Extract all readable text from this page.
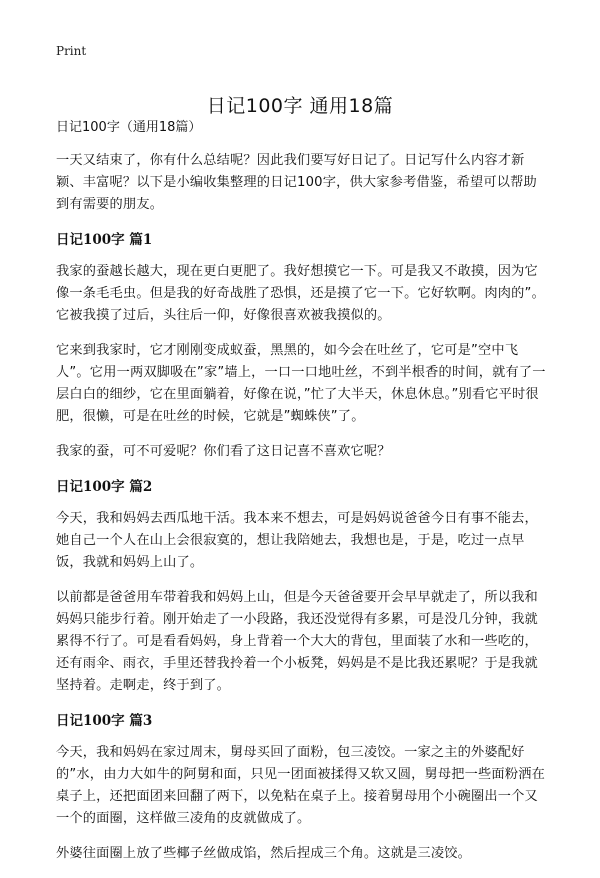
Print
日记100字 通用18篇
日记100字（通用18篇）
一天又结束了，你有什么总结呢？因此我们要写好日记了。日记写什么内容才新颖、丰富呢？以下是小编收集整理的日记100字，供大家参考借鉴，希望可以帮助到有需要的朋友。
日记100字 篇1
我家的蚕越长越大，现在更白更肥了。我好想摸它一下。可是我又不敢摸，因为它像一条毛毛虫。但是我的好奇战胜了恐惧，还是摸了它一下。它好软啊。肉肉的”。它被我摸了过后，头往后一仰，好像很喜欢被我摸似的。
它来到我家时，它才刚刚变成蚁蚕，黑黑的，如今会在吐丝了，它可是”空中飞人”。它用一两双脚吸在”家”墙上，一口一口地吐丝，不到半根香的时间，就有了一层白白的细纱，它在里面躺着，好像在说，”忙了大半天，休息休息。”别看它平时很肥，很懒，可是在吐丝的时候，它就是”蜘蛛侠”了。
我家的蚕，可不可爱呢？你们看了这日记喜不喜欢它呢？
日记100字 篇2
今天，我和妈妈去西瓜地干活。我本来不想去，可是妈妈说爸爸今日有事不能去，她自己一个人在山上会很寂寞的，想让我陪她去，我想也是，于是，吃过一点早饭，我就和妈妈上山了。
以前都是爸爸用车带着我和妈妈上山，但是今天爸爸要开会早早就走了，所以我和妈妈只能步行着。刚开始走了一小段路，我还没觉得有多累，可是没几分钟，我就累得不行了。可是看看妈妈，身上背着一个大大的背包，里面装了水和一些吃的，还有雨伞、雨衣，手里还替我拎着一个小板凳，妈妈是不是比我还累呢？于是我就坚持着。走啊走，终于到了。
日记100字 篇3
今天，我和妈妈在家过周末，舅母买回了面粉，包三凌饺。一家之主的外婆配好的”水，由力大如牛的阿舅和面，只见一团面被揉得又软又圆，舅母把一些面粉洒在桌子上，还把面团来回翻了两下，以免粘在桌子上。接着舅母用个小碗圈出一个又一个的面圈，这样做三凌角的皮就做成了。
外婆往面圈上放了些椰子丝做成馅，然后捏成三个角。这就是三凌饺。
